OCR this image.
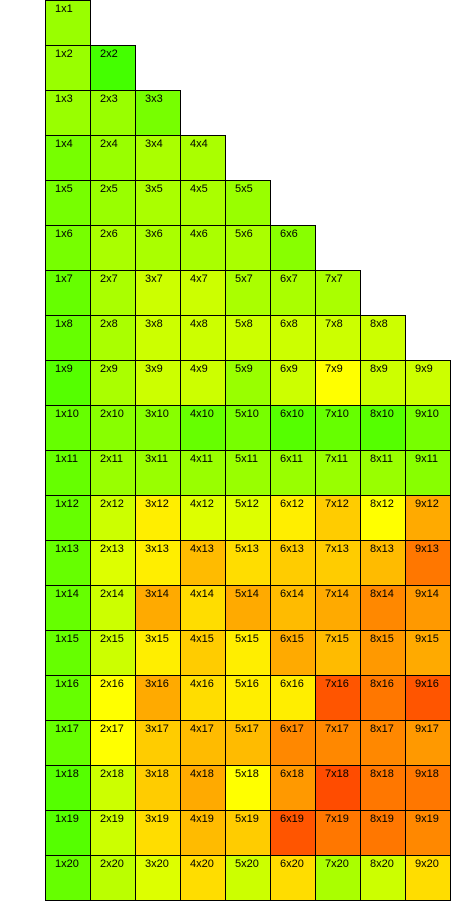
1x1
1x2	2x2
1x3	2x3	3x3
1x4	2x4	3x4	4x4
1x5	2x5	3x5	4x5	5x5
1x6	2x6	3x6	4x6	5x6	6x6
1x7	2x7	3x7	4x7	5x7	6x7	7x7
1x8	2x8	3x8	4x8	5x8	6x8	7x8	8x8
1x9	2x9	3x9	4x9	5x9	6x9	7x9	8x9	9x9
1x10	2x10	3x10	4x10	5x10	6x10	7x10	8x10	9x10
1x11	2x11	3x11	4x11	5x11	6x11	7x11	8x11	9x11
1x12	2x12	3x12	4x12	5x12	6x12	7x12	8x12	9x12
1x13	2x13	3x13	4x13	5x13	6x13	7x13	8x13	9x13
1x14	2x14	3x14	4x14	5x14	6x14	7x14	8x14	9x14
1x15	2x15	3x15	4x15	5x15	6x15	7x15	8x15	9x15
1x16	2x16	3x16	4x16	5x16	6x16	7x16	8x16	9x16
1x17	2x17	3x17	4x17	5x17	6x17	7x17	8x17	9x17
1x18	2x18	3x18	4x18	5x18	6x18	7x18	8x18	9x18
1x19	2x19	3x19	4x19	5x19	6x19	7x19	8x19	9x19
1x20	2x20	3x20	4x20	5x20	6x20	7x20	8x20	9x20
